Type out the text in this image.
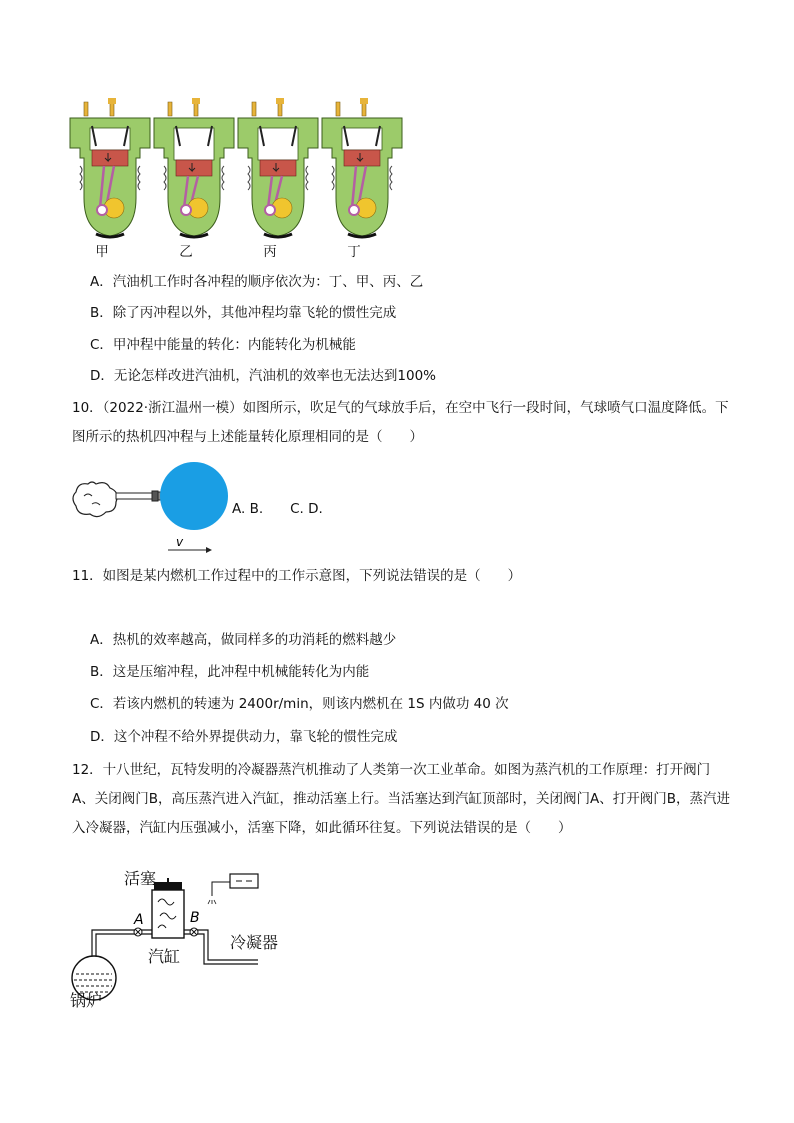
甲	乙	丙	丁
A．汽油机工作时各冲程的顺序依次为：丁、甲、丙、乙
B．除了丙冲程以外，其他冲程均靠飞轮的惯性完成
C．甲冲程中能量的转化：内能转化为机械能
D．无论怎样改进汽油机，汽油机的效率也无法达到100%
10．（2022·浙江温州一模）如图所示，吹足气的气球放手后，在空中飞行一段时间，气球喷气口温度降低。下图所示的热机四冲程与上述能量转化原理相同的是（　　）
v
A. B.　　C. D.
11．如图是某内燃机工作过程中的工作示意图，下列说法错误的是（　　）
A．热机的效率越高，做同样多的功消耗的燃料越少
B．这是压缩冲程，此冲程中机械能转化为内能
C．若该内燃机的转速为 2400r/min，则该内燃机在 1S 内做功 40 次
D．这个冲程不给外界提供动力，靠飞轮的惯性完成
12．十八世纪，瓦特发明的冷凝器蒸汽机推动了人类第一次工业革命。如图为蒸汽机的工作原理：打开阀门A、关闭阀门B，高压蒸汽进入汽缸，推动活塞上行。当活塞达到汽缸顶部时，关闭阀门A、打开阀门B，蒸汽进入冷凝器，汽缸内压强减小，活塞下降，如此循环往复。下列说法错误的是（　　）
A	B
活塞
汽缸
冷凝器
锅炉
